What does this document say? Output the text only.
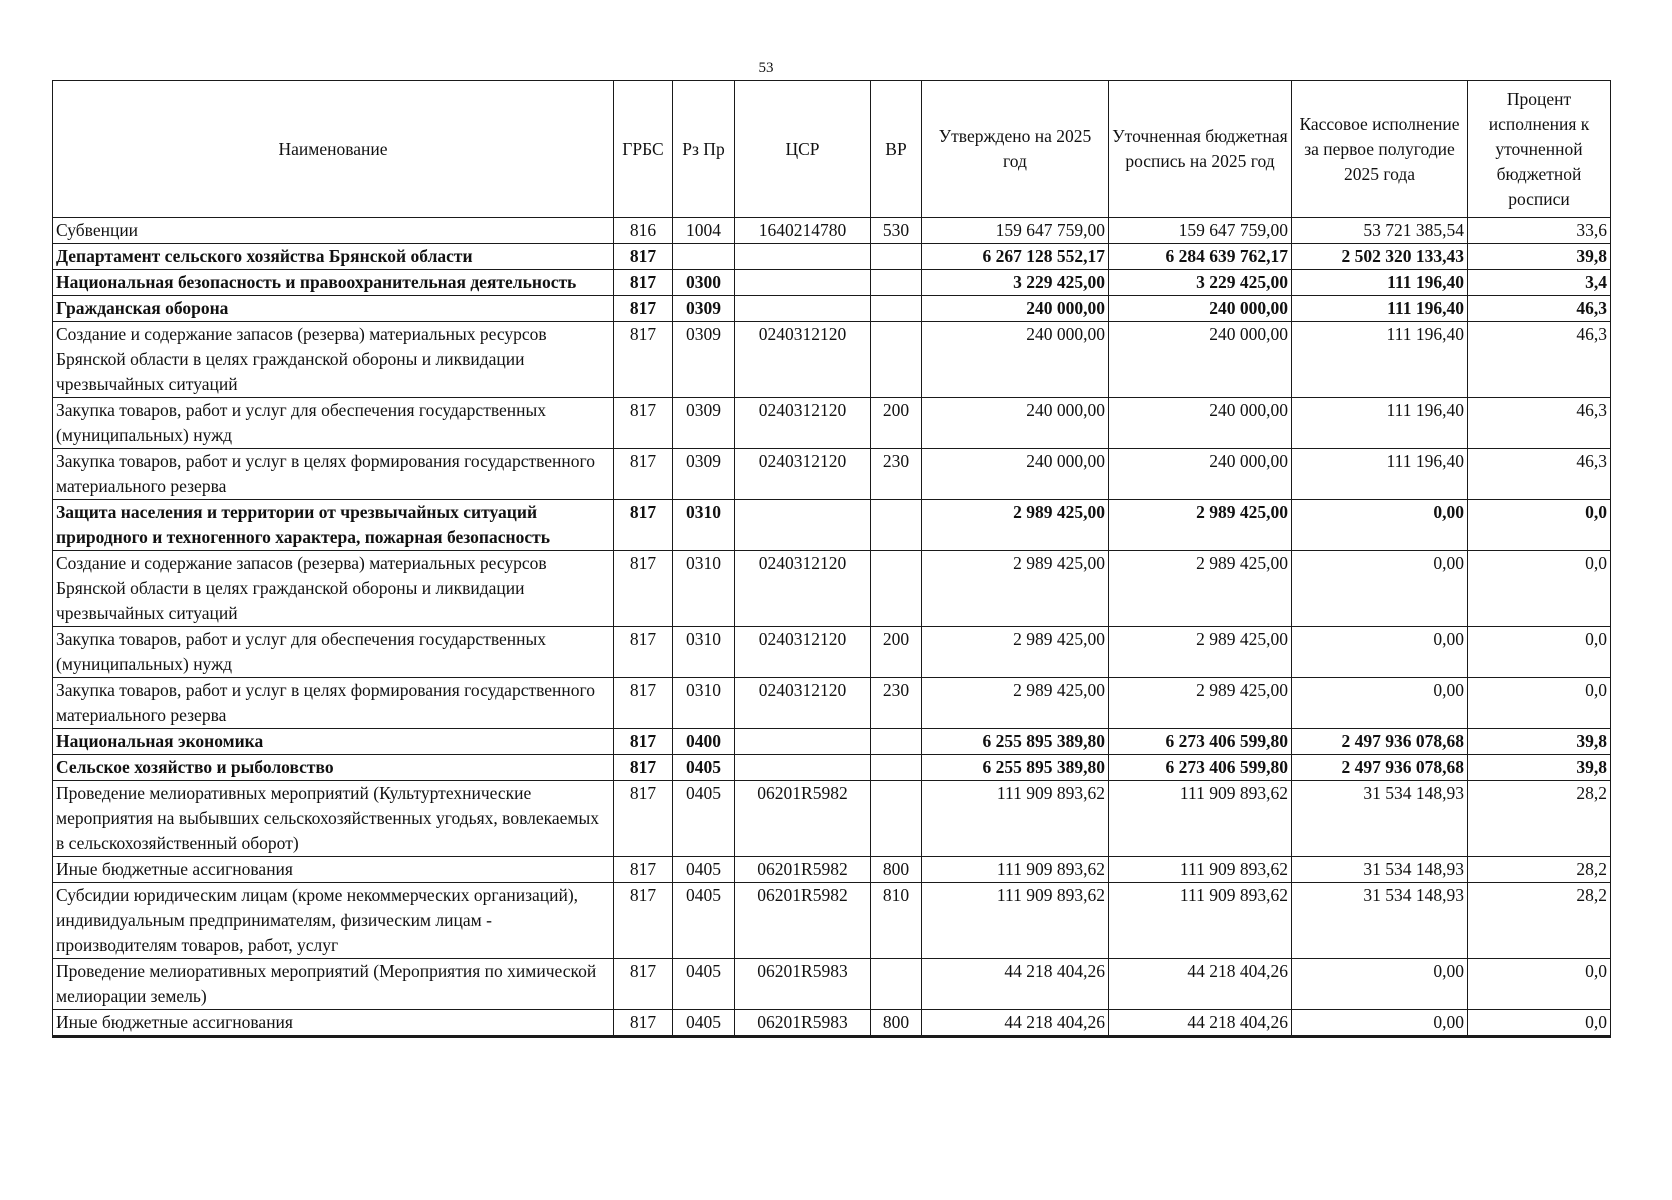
53
Наименование	ГРБС	Рз Пр	ЦСР	ВР	Утверждено на 2025 год	Уточненная бюджетная роспись на 2025 год	Кассовое исполнение за первое полугодие 2025 года	Процент исполнения к уточненной бюджетной росписи
Субвенции	816	1004	1640214780	530	159 647 759,00	159 647 759,00	53 721 385,54	33,6
Департамент сельского хозяйства Брянской области	817				6 267 128 552,17	6 284 639 762,17	2 502 320 133,43	39,8
Национальная безопасность и правоохранительная деятельность	817	0300			3 229 425,00	3 229 425,00	111 196,40	3,4
Гражданская оборона	817	0309			240 000,00	240 000,00	111 196,40	46,3
Создание и содержание запасов (резерва) материальных ресурсов Брянской области в целях гражданской обороны и ликвидации чрезвычайных ситуаций	817	0309	0240312120		240 000,00	240 000,00	111 196,40	46,3
Закупка товаров, работ и услуг для обеспечения государственных (муниципальных) нужд	817	0309	0240312120	200	240 000,00	240 000,00	111 196,40	46,3
Закупка товаров, работ и услуг в целях формирования государственного материального резерва	817	0309	0240312120	230	240 000,00	240 000,00	111 196,40	46,3
Защита населения и территории от чрезвычайных ситуаций природного и техногенного характера, пожарная безопасность	817	0310			2 989 425,00	2 989 425,00	0,00	0,0
Создание и содержание запасов (резерва) материальных ресурсов Брянской области в целях гражданской обороны и ликвидации чрезвычайных ситуаций	817	0310	0240312120		2 989 425,00	2 989 425,00	0,00	0,0
Закупка товаров, работ и услуг для обеспечения государственных (муниципальных) нужд	817	0310	0240312120	200	2 989 425,00	2 989 425,00	0,00	0,0
Закупка товаров, работ и услуг в целях формирования государственного материального резерва	817	0310	0240312120	230	2 989 425,00	2 989 425,00	0,00	0,0
Национальная экономика	817	0400			6 255 895 389,80	6 273 406 599,80	2 497 936 078,68	39,8
Сельское хозяйство и рыболовство	817	0405			6 255 895 389,80	6 273 406 599,80	2 497 936 078,68	39,8
Проведение мелиоративных мероприятий (Культуртехнические мероприятия на выбывших сельскохозяйственных угодьях, вовлекаемых в сельскохозяйственный оборот)	817	0405	06201R5982		111 909 893,62	111 909 893,62	31 534 148,93	28,2
Иные бюджетные ассигнования	817	0405	06201R5982	800	111 909 893,62	111 909 893,62	31 534 148,93	28,2
Субсидии юридическим лицам (кроме некоммерческих организаций), индивидуальным предпринимателям, физическим лицам - производителям товаров, работ, услуг	817	0405	06201R5982	810	111 909 893,62	111 909 893,62	31 534 148,93	28,2
Проведение мелиоративных мероприятий (Мероприятия по химической мелиорации земель)	817	0405	06201R5983		44 218 404,26	44 218 404,26	0,00	0,0
Иные бюджетные ассигнования	817	0405	06201R5983	800	44 218 404,26	44 218 404,26	0,00	0,0
